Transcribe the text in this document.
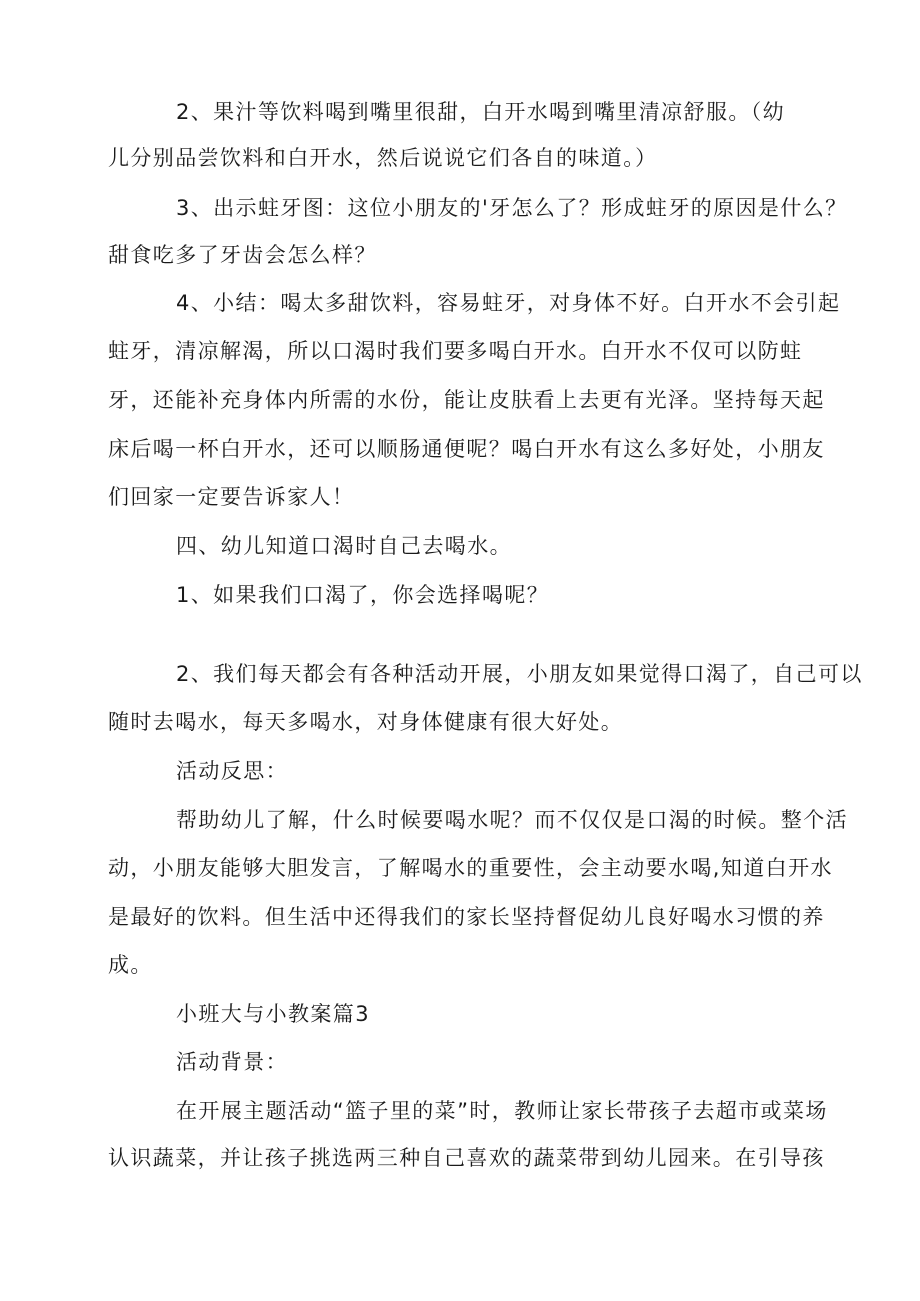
2、果汁等饮料喝到嘴里很甜，白开水喝到嘴里清凉舒服。（幼
儿分别品尝饮料和白开水，然后说说它们各自的味道。）
3、出示蛀牙图：这位小朋友的'牙怎么了？形成蛀牙的原因是什么？
甜食吃多了牙齿会怎么样？
4、小结：喝太多甜饮料，容易蛀牙，对身体不好。白开水不会引起
蛀牙，清凉解渴，所以口渴时我们要多喝白开水。白开水不仅可以防蛀
牙，还能补充身体内所需的水份，能让皮肤看上去更有光泽。坚持每天起
床后喝一杯白开水，还可以顺肠通便呢？喝白开水有这么多好处，小朋友
们回家一定要告诉家人！
四、幼儿知道口渴时自己去喝水。
1、如果我们口渴了，你会选择喝呢？
2、我们每天都会有各种活动开展，小朋友如果觉得口渴了，自己可以
随时去喝水，每天多喝水，对身体健康有很大好处。
活动反思：
帮助幼儿了解，什么时候要喝水呢？而不仅仅是口渴的时候。整个活
动，小朋友能够大胆发言，了解喝水的重要性，会主动要水喝,知道白开水
是最好的饮料。但生活中还得我们的家长坚持督促幼儿良好喝水习惯的养
成。
小班大与小教案篇3
活动背景：
在开展主题活动“篮子里的菜”时，教师让家长带孩子去超市或菜场
认识蔬菜，并让孩子挑选两三种自己喜欢的蔬菜带到幼儿园来。在引导孩
